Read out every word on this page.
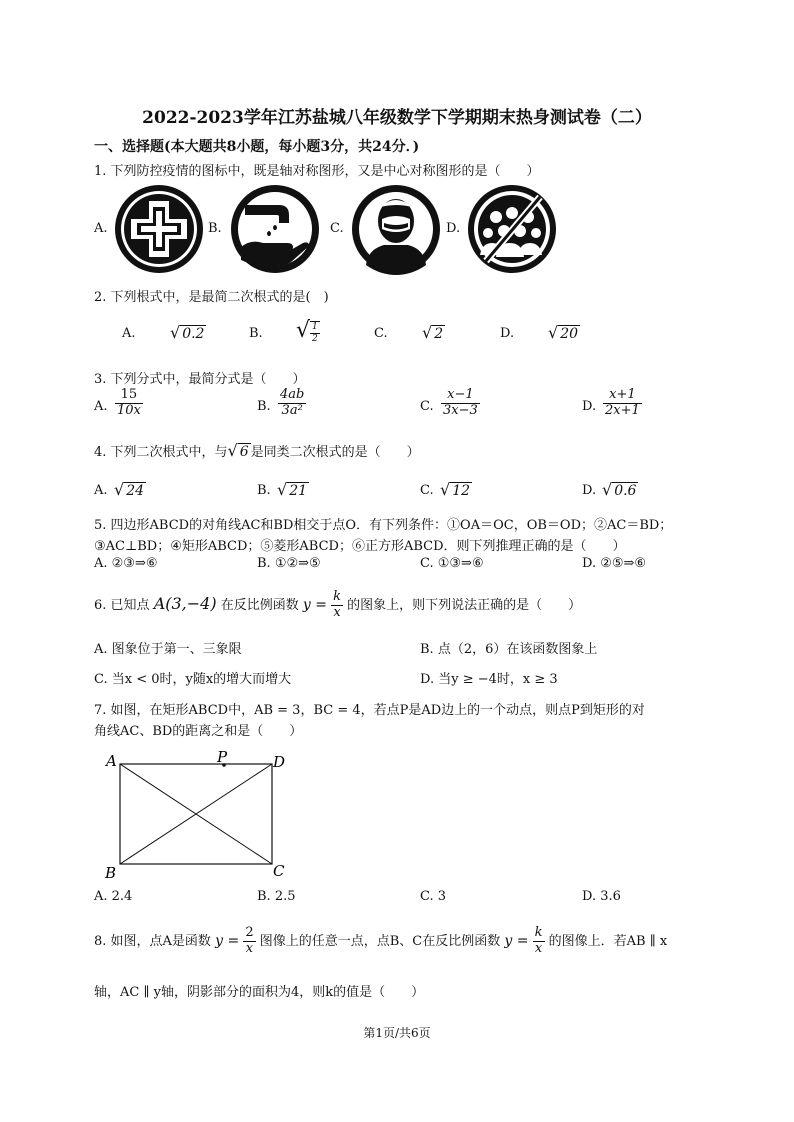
2022-2023学年江苏盐城八年级数学下学期期末热身测试卷（二）
一、选择题(本大题共8小题，每小题3分，共24分．)
1. 下列防控疫情的图标中，既是轴对称图形，又是中心对称图形的是（　　）
A.	B.	C.	D.
2. 下列根式中，是最简二次根式的是(　)
A. √ 0.2	B. √ $\frac{1}{2}$	C. √ 2	D. √ 20
3. 下列分式中，最简分式是（　　）
A. $\frac{15}{10x}$	B. $\frac{4ab}{\text{3a²}}$	C. $\frac{x-1}{3x-3}$	D. $\frac{x+1}{2x+1}$
4. 下列二次根式中，与√ 6 是同类二次根式的是（　　）
A. √ 24	B. √ 21	C. √ 12	D. √ 0.6
5. 四边形ABCD的对角线AC和BD相交于点O．有下列条件：①OA＝OC，OB＝OD；②AC＝BD；
③AC⊥BD；④矩形ABCD；⑤菱形ABCD；⑥正方形ABCD．则下列推理正确的是（　　）
A. ②③⇒⑥	B. ①②⇒⑤	C. ①③⇒⑥	D. ②⑤⇒⑥
6. 已知点 A(3,−4) 在反比例函数 $y = \frac{k}{x}$ 的图象上，则下列说法正确的是（　　）
A. 图象位于第一、三象限	B. 点（2，6）在该函数图象上
C. 当x < 0时，y随x的增大而增大	D. 当y ≥ −4时，x ≥ 3
7. 如图，在矩形ABCD中，AB = 3，BC = 4，若点P是AD边上的一个动点，则点P到矩形的对
角线AC、BD的距离之和是（　　）
A	P	D
B	C
A. 2.4	B. 2.5	C. 3	D. 3.6
8. 如图，点A是函数 $y = \frac{2}{x}$ 图像上的任意一点，点B、C在反比例函数 $y = \frac{k}{x}$ 的图像上．若AB ∥ x
轴，AC ∥ y轴，阴影部分的面积为4，则k的值是（　　）
第1页/共6页
